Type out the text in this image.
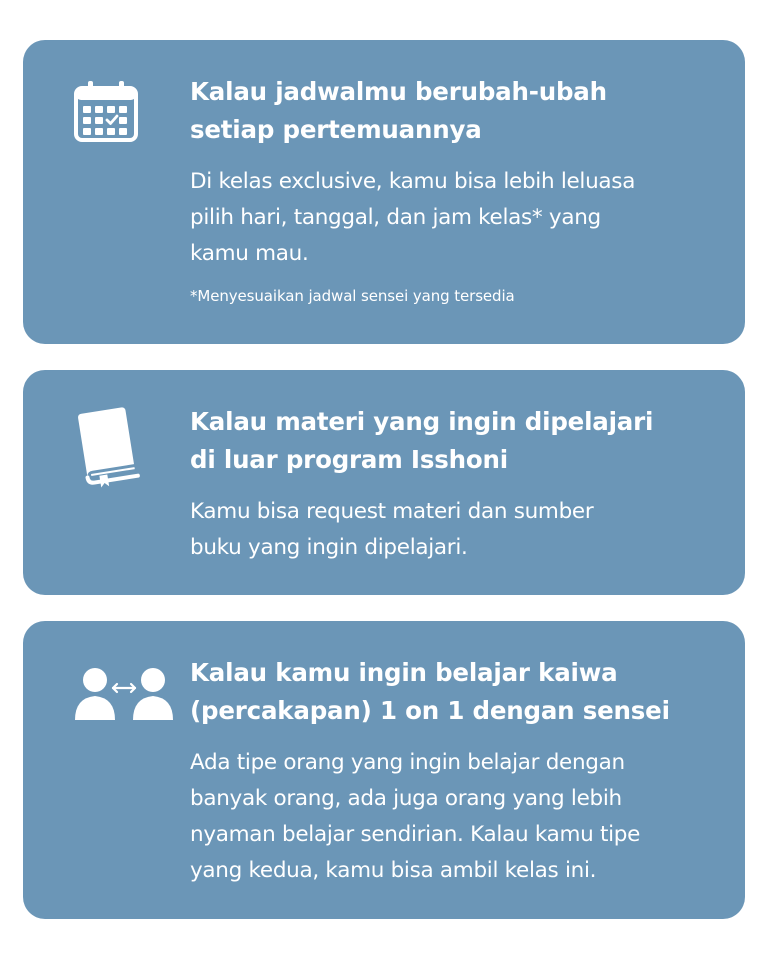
Kalau jadwalmu berubah-ubah
setiap pertemuannya

Di kelas exclusive, kamu bisa lebih leluasa
pilih hari, tanggal, dan jam kelas* yang
kamu mau.

*Menyesuaikan jadwal sensei yang tersedia

Kalau materi yang ingin dipelajari
di luar program Isshoni

Kamu bisa request materi dan sumber
buku yang ingin dipelajari.

Kalau kamu ingin belajar kaiwa
(percakapan) 1 on 1 dengan sensei

Ada tipe orang yang ingin belajar dengan
banyak orang, ada juga orang yang lebih
nyaman belajar sendirian. Kalau kamu tipe
yang kedua, kamu bisa ambil kelas ini.
